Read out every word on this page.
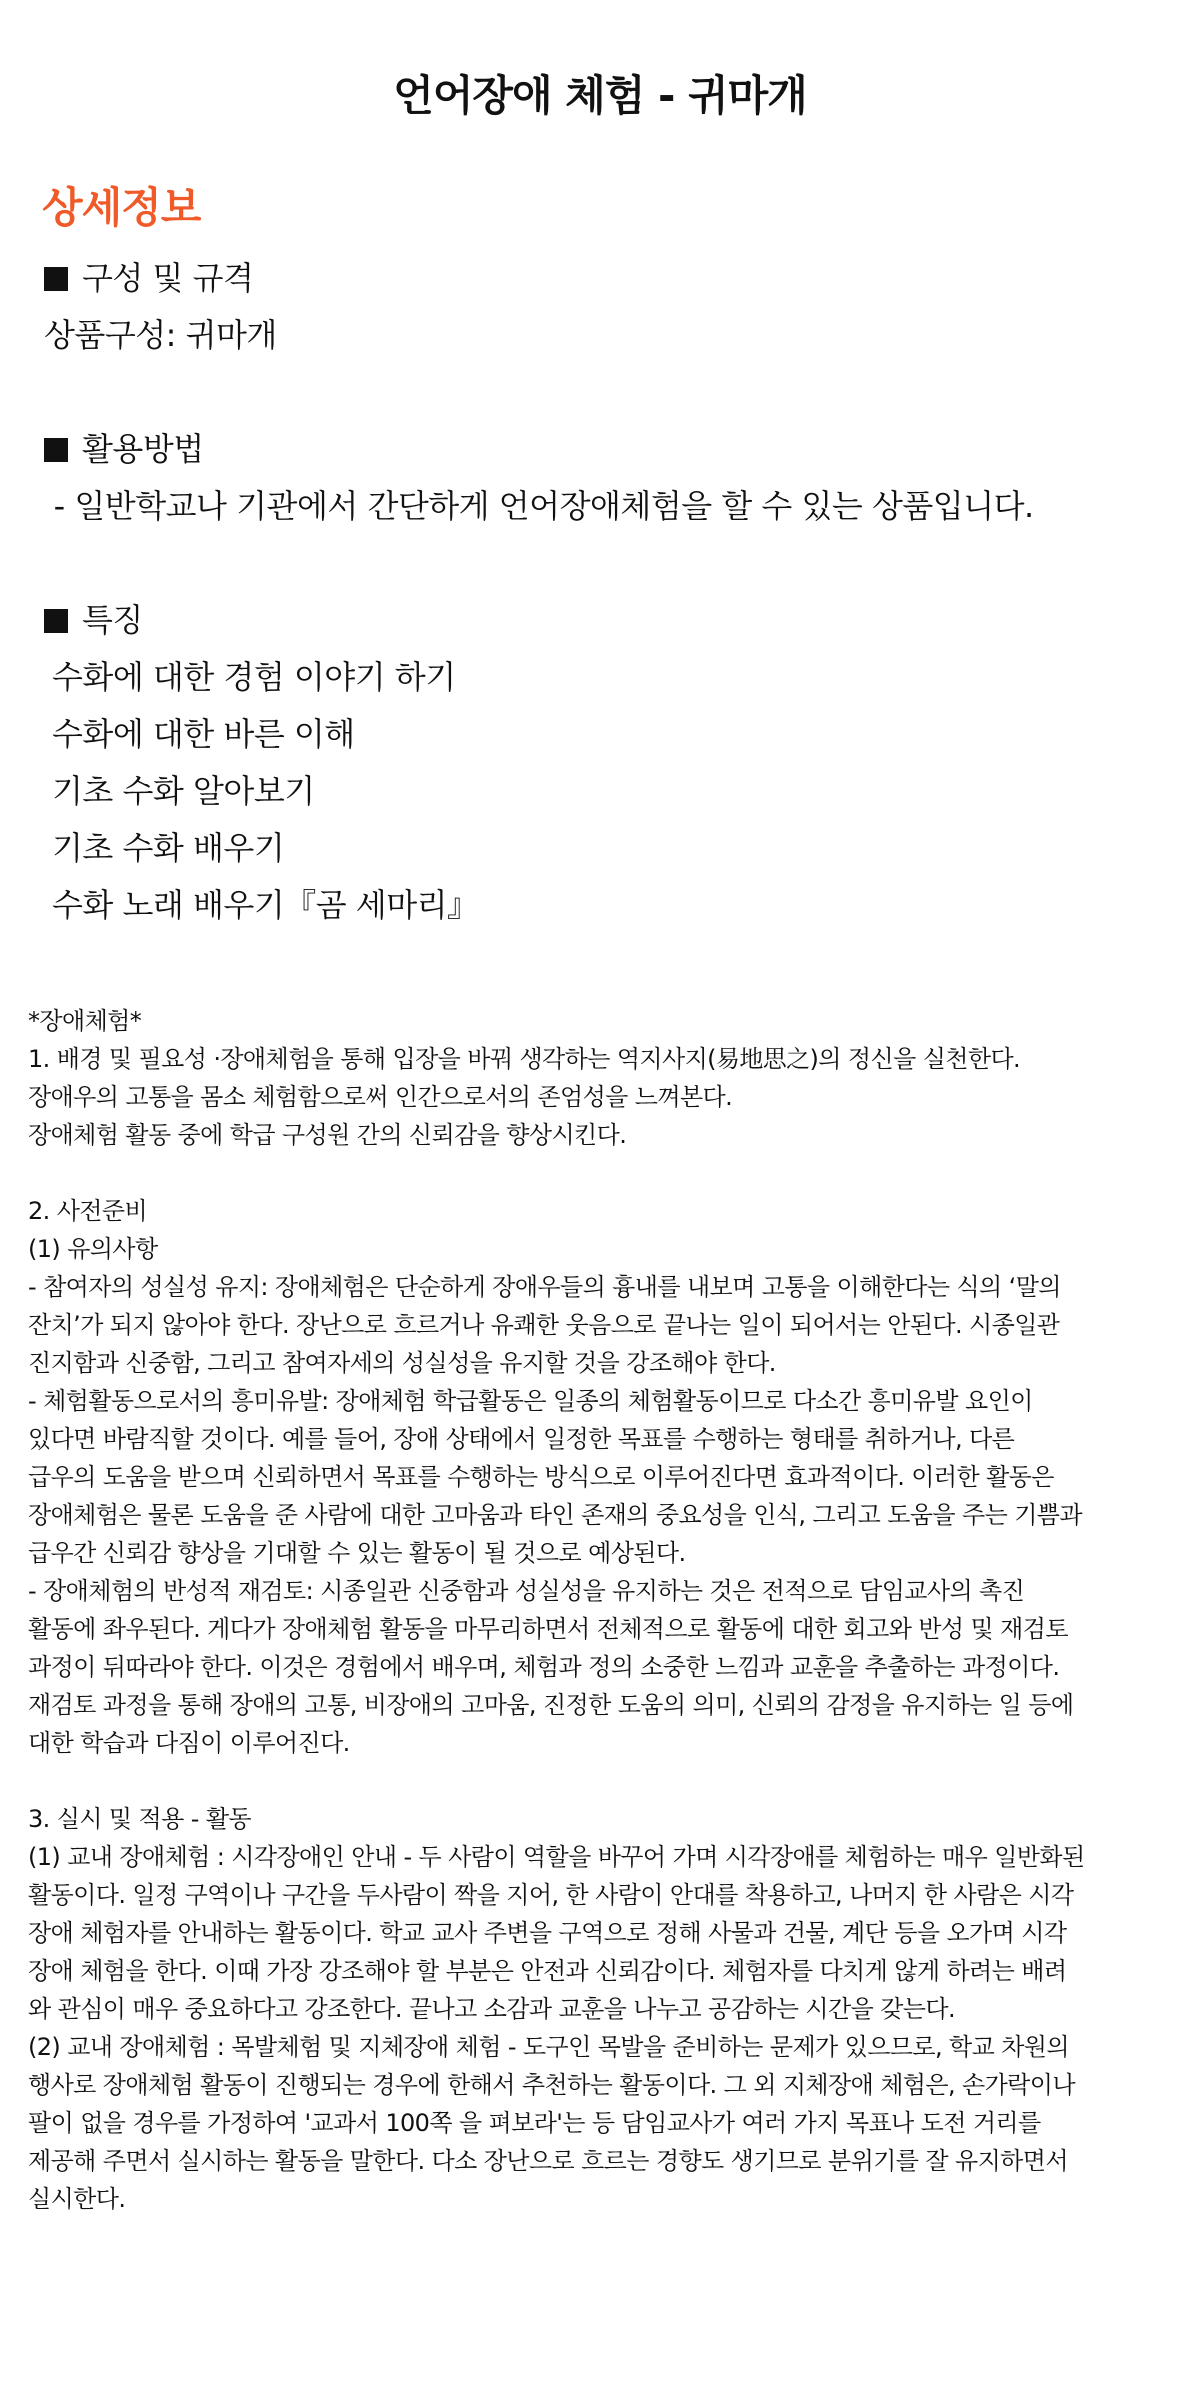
언어장애 체험 - 귀마개
상세정보
구성 및 규격
상품구성: 귀마개
활용방법
- 일반학교나 기관에서 간단하게 언어장애체험을 할 수 있는 상품입니다.
특징
수화에 대한 경험 이야기 하기
수화에 대한 바른 이해
기초 수화 알아보기
기초 수화 배우기
수화 노래 배우기『곰 세마리』
*장애체험*
1. 배경 및 필요성 ·장애체험을 통해 입장을 바꿔 생각하는 역지사지(易地思之)의 정신을 실천한다.
장애우의 고통을 몸소 체험함으로써 인간으로서의 존엄성을 느껴본다.
장애체험 활동 중에 학급 구성원 간의 신뢰감을 향상시킨다.
2. 사전준비
(1) 유의사항
- 참여자의 성실성 유지: 장애체험은 단순하게 장애우들의 흉내를 내보며 고통을 이해한다는 식의 ‘말의
잔치’가 되지 않아야 한다. 장난으로 흐르거나 유쾌한 웃음으로 끝나는 일이 되어서는 안된다. 시종일관
진지함과 신중함, 그리고 참여자세의 성실성을 유지할 것을 강조해야 한다.
- 체험활동으로서의 흥미유발: 장애체험 학급활동은 일종의 체험활동이므로 다소간 흥미유발 요인이
있다면 바람직할 것이다. 예를 들어, 장애 상태에서 일정한 목표를 수행하는 형태를 취하거나, 다른
급우의 도움을 받으며 신뢰하면서 목표를 수행하는 방식으로 이루어진다면 효과적이다. 이러한 활동은
장애체험은 물론 도움을 준 사람에 대한 고마움과 타인 존재의 중요성을 인식, 그리고 도움을 주는 기쁨과
급우간 신뢰감 향상을 기대할 수 있는 활동이 될 것으로 예상된다.
- 장애체험의 반성적 재검토: 시종일관 신중함과 성실성을 유지하는 것은 전적으로 담임교사의 촉진
활동에 좌우된다. 게다가 장애체험 활동을 마무리하면서 전체적으로 활동에 대한 회고와 반성 및 재검토
과정이 뒤따라야 한다. 이것은 경험에서 배우며, 체험과 정의 소중한 느낌과 교훈을 추출하는 과정이다.
재검토 과정을 통해 장애의 고통, 비장애의 고마움, 진정한 도움의 의미, 신뢰의 감정을 유지하는 일 등에
대한 학습과 다짐이 이루어진다.
3. 실시 및 적용 - 활동
(1) 교내 장애체험 : 시각장애인 안내 - 두 사람이 역할을 바꾸어 가며 시각장애를 체험하는 매우 일반화된
활동이다. 일정 구역이나 구간을 두사람이 짝을 지어, 한 사람이 안대를 착용하고, 나머지 한 사람은 시각
장애 체험자를 안내하는 활동이다. 학교 교사 주변을 구역으로 정해 사물과 건물, 계단 등을 오가며 시각
장애 체험을 한다. 이때 가장 강조해야 할 부분은 안전과 신뢰감이다. 체험자를 다치게 않게 하려는 배려
와 관심이 매우 중요하다고 강조한다. 끝나고 소감과 교훈을 나누고 공감하는 시간을 갖는다.
(2) 교내 장애체험 : 목발체험 및 지체장애 체험 - 도구인 목발을 준비하는 문제가 있으므로, 학교 차원의
행사로 장애체험 활동이 진행되는 경우에 한해서 추천하는 활동이다. 그 외 지체장애 체험은, 손가락이나
팔이 없을 경우를 가정하여 '교과서 100쪽 을 펴보라'는 등 담임교사가 여러 가지 목표나 도전 거리를
제공해 주면서 실시하는 활동을 말한다. 다소 장난으로 흐르는 경향도 생기므로 분위기를 잘 유지하면서
실시한다.
